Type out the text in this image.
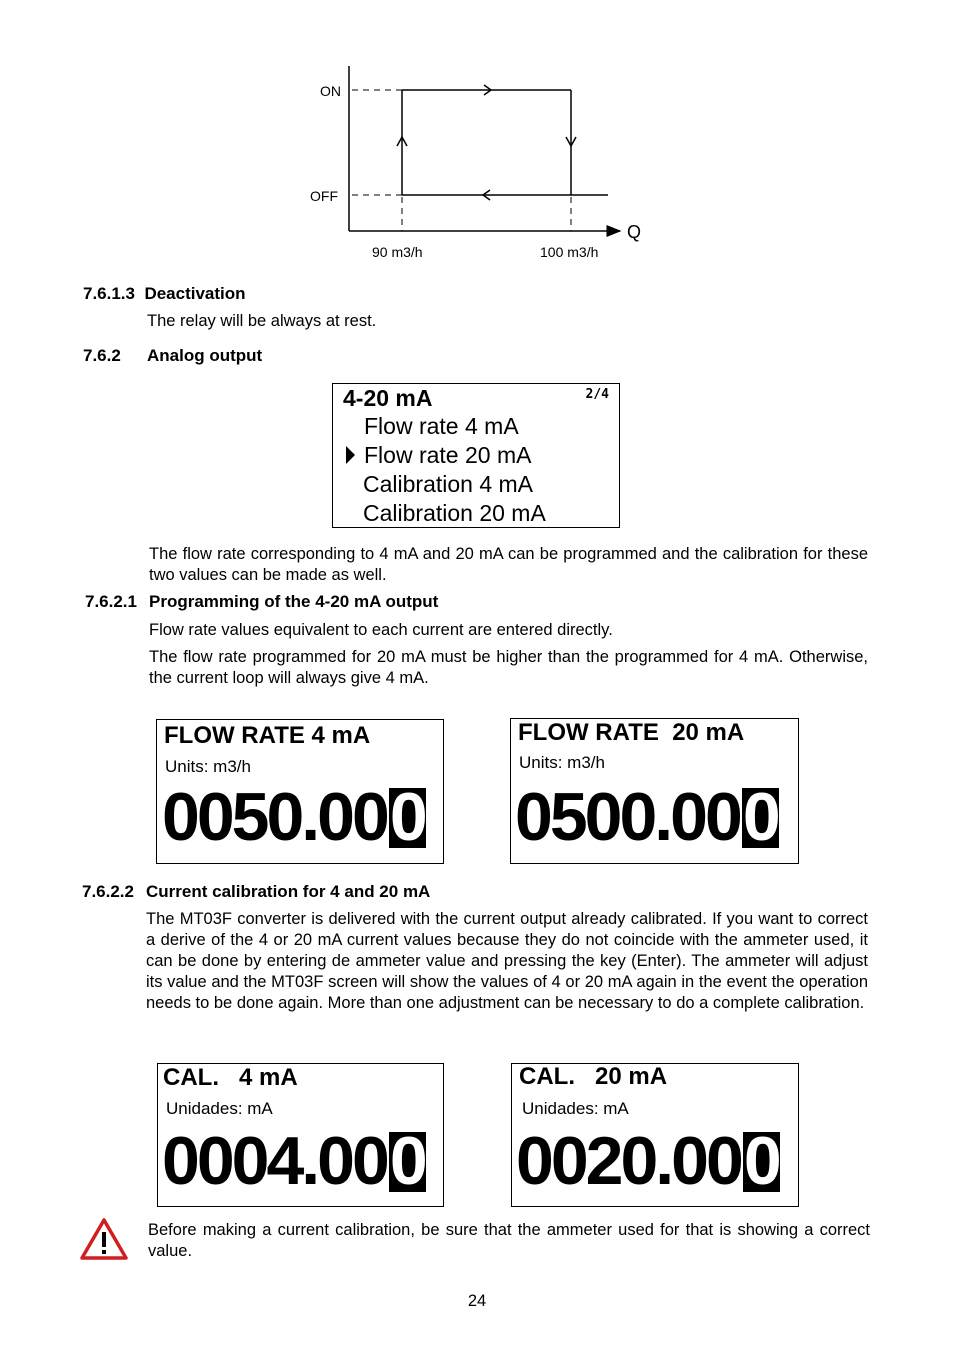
ON
OFF
Q
90 m3/h	100 m3/h
7.6.1.3 Deactivation
The relay will be always at rest.
7.6.2 Analog output
4-20 mA	2/4
Flow rate 4 mA
Flow rate 20 mA
Calibration 4 mA
Calibration 20 mA
The flow rate corresponding to 4 mA and 20 mA can be programmed and the calibration for these two values can be made as well.
7.6.2.1 Programming of the 4-20 mA output
Flow rate values equivalent to each current are entered directly.
The flow rate programmed for 20 mA must be higher than the programmed for 4 mA. Otherwise, the current loop will always give 4 mA.
FLOW RATE 4 mA
Units: m3/h
0050.000
FLOW RATE  20 mA
Units: m3/h
0500.000
7.6.2.2 Current calibration for 4 and 20 mA
The MT03F converter is delivered with the current output already calibrated. If you want to correct a derive of the 4 or 20 mA current values because they do not coincide with the ammeter used, it can be done by entering de ammeter value and pressing the key (Enter). The ammeter will adjust its value and the MT03F screen will show the values of 4 or 20 mA again in the event the operation needs to be done again. More than one adjustment can be necessary to do a complete calibration.
CAL.   4 mA
Unidades: mA
0004.000
CAL.   20 mA
Unidades: mA
0020.000
Before making a current calibration, be sure that the ammeter used for that is showing a correct value.
24
